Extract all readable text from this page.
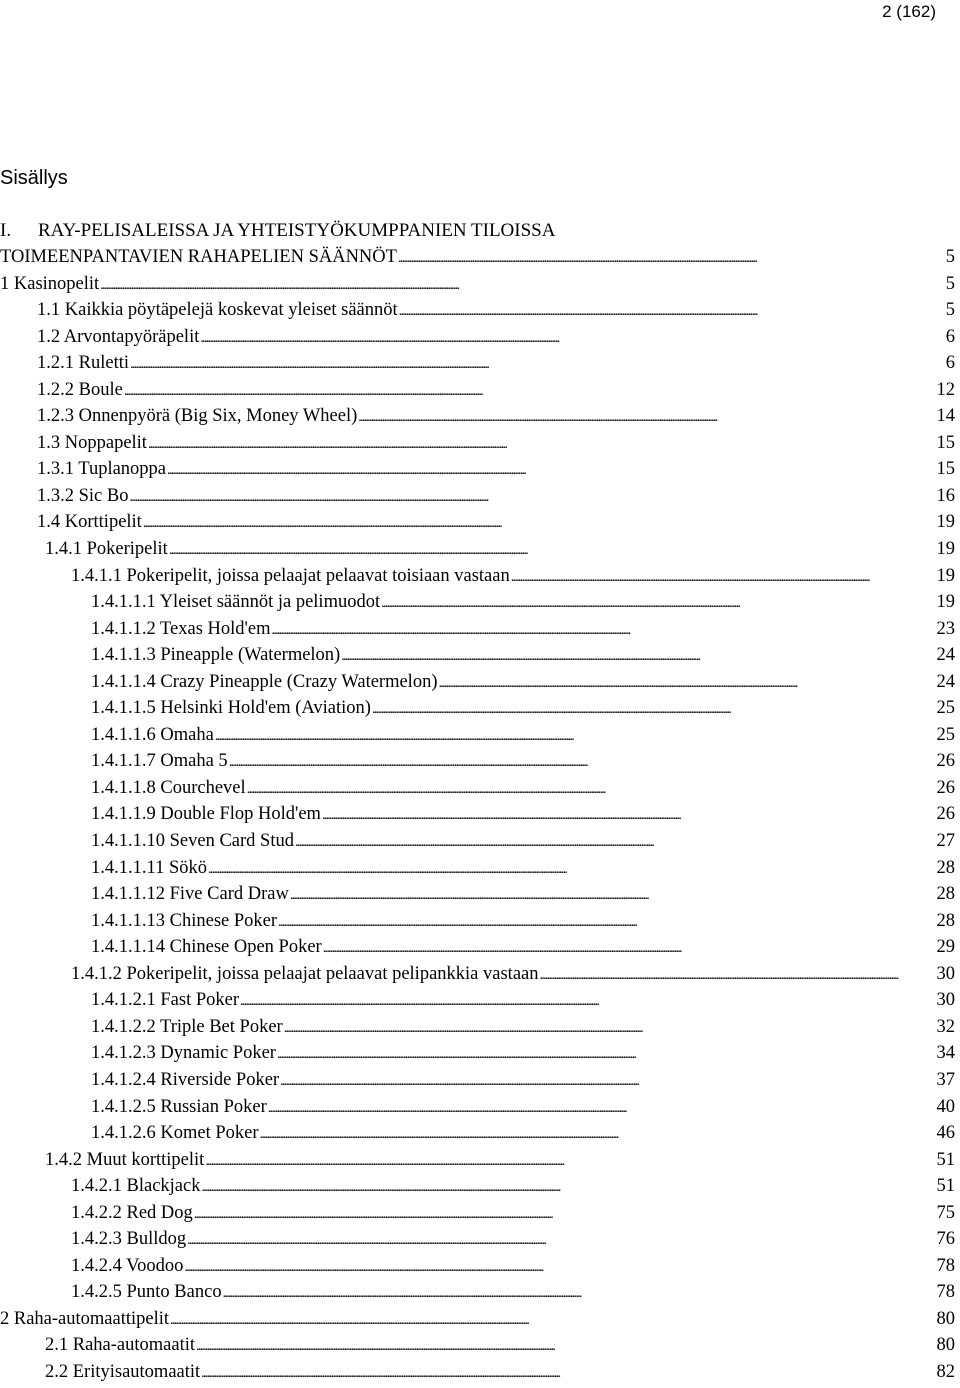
2 (162)
Sisällys
I. RAY-PELISALEISSA JA YHTEISTYÖKUMPPANIEN TILOISSA
TOIMEENPANTAVIEN RAHAPELIEN SÄÄNNÖT . . .	5
1 Kasinopelit . . .	5
1.1 Kaikkia pöytäpelejä koskevat yleiset säännöt . . .	5
1.2 Arvontapyöräpelit . . .	6
1.2.1 Ruletti . . .	6
1.2.2 Boule . . .	12
1.2.3 Onnenpyörä (Big Six, Money Wheel) . . .	14
1.3 Noppapelit . . .	15
1.3.1 Tuplanoppa . . .	15
1.3.2 Sic Bo . . .	16
1.4 Korttipelit . . .	19
1.4.1 Pokeripelit . . .	19
1.4.1.1 Pokeripelit, joissa pelaajat pelaavat toisiaan vastaan . . .	19
1.4.1.1.1 Yleiset säännöt ja pelimuodot . . .	19
1.4.1.1.2 Texas Hold'em . . .	23
1.4.1.1.3 Pineapple (Watermelon) . . .	24
1.4.1.1.4 Crazy Pineapple (Crazy Watermelon) . . .	24
1.4.1.1.5 Helsinki Hold'em (Aviation) . . .	25
1.4.1.1.6 Omaha . . .	25
1.4.1.1.7 Omaha 5 . . .	26
1.4.1.1.8 Courchevel . . .	26
1.4.1.1.9 Double Flop Hold'em . . .	26
1.4.1.1.10 Seven Card Stud . . .	27
1.4.1.1.11 Sökö . . .	28
1.4.1.1.12 Five Card Draw . . .	28
1.4.1.1.13 Chinese Poker . . .	28
1.4.1.1.14 Chinese Open Poker . . .	29
1.4.1.2 Pokeripelit, joissa pelaajat pelaavat pelipankkia vastaan . . .	30
1.4.1.2.1 Fast Poker . . .	30
1.4.1.2.2 Triple Bet Poker . . .	32
1.4.1.2.3 Dynamic Poker . . .	34
1.4.1.2.4 Riverside Poker . . .	37
1.4.1.2.5 Russian Poker . . .	40
1.4.1.2.6 Komet Poker . . .	46
1.4.2 Muut korttipelit . . .	51
1.4.2.1 Blackjack . . .	51
1.4.2.2 Red Dog . . .	75
1.4.2.3 Bulldog . . .	76
1.4.2.4 Voodoo . . .	78
1.4.2.5 Punto Banco . . .	78
2 Raha-automaattipelit . . .	80
2.1 Raha-automaatit . . .	80
2.2 Erityisautomaatit . . .	82
